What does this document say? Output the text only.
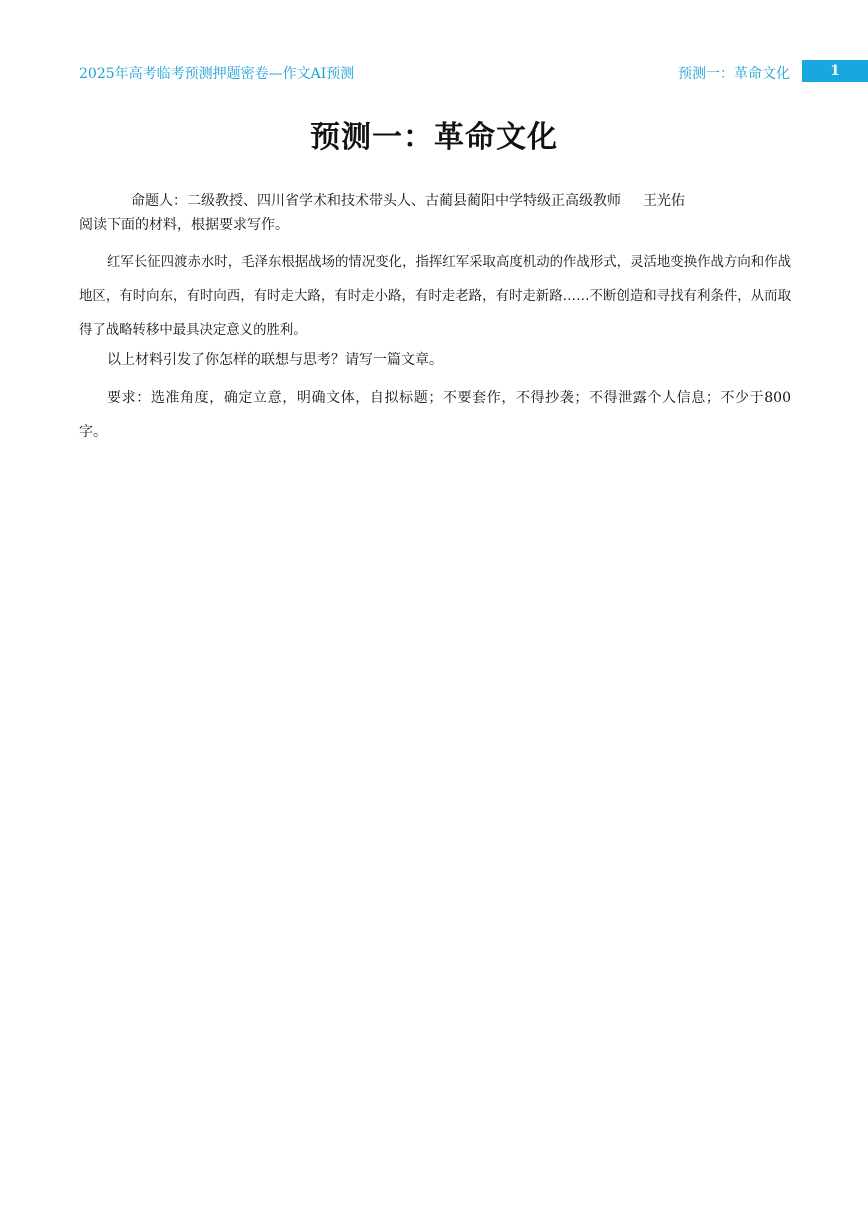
2025年高考临考预测押题密卷—作文AI预测	预测一：革命文化	1
预测一：革命文化
命题人：二级教授、四川省学术和技术带头人、古蔺县蔺阳中学特级正高级教师 王光佑

阅读下面的材料，根据要求写作。

红军长征四渡赤水时，毛泽东根据战场的情况变化，指挥红军采取高度机动的作战形式，灵活地变换作战方向和作战地区，有时向东，有时向西，有时走大路，有时走小路，有时走老路，有时走新路……不断创造和寻找有利条件，从而取得了战略转移中最具决定意义的胜利。

以上材料引发了你怎样的联想与思考？请写一篇文章。

要求：选准角度，确定立意，明确文体，自拟标题；不要套作，不得抄袭；不得泄露个人信息；不少于800字。
